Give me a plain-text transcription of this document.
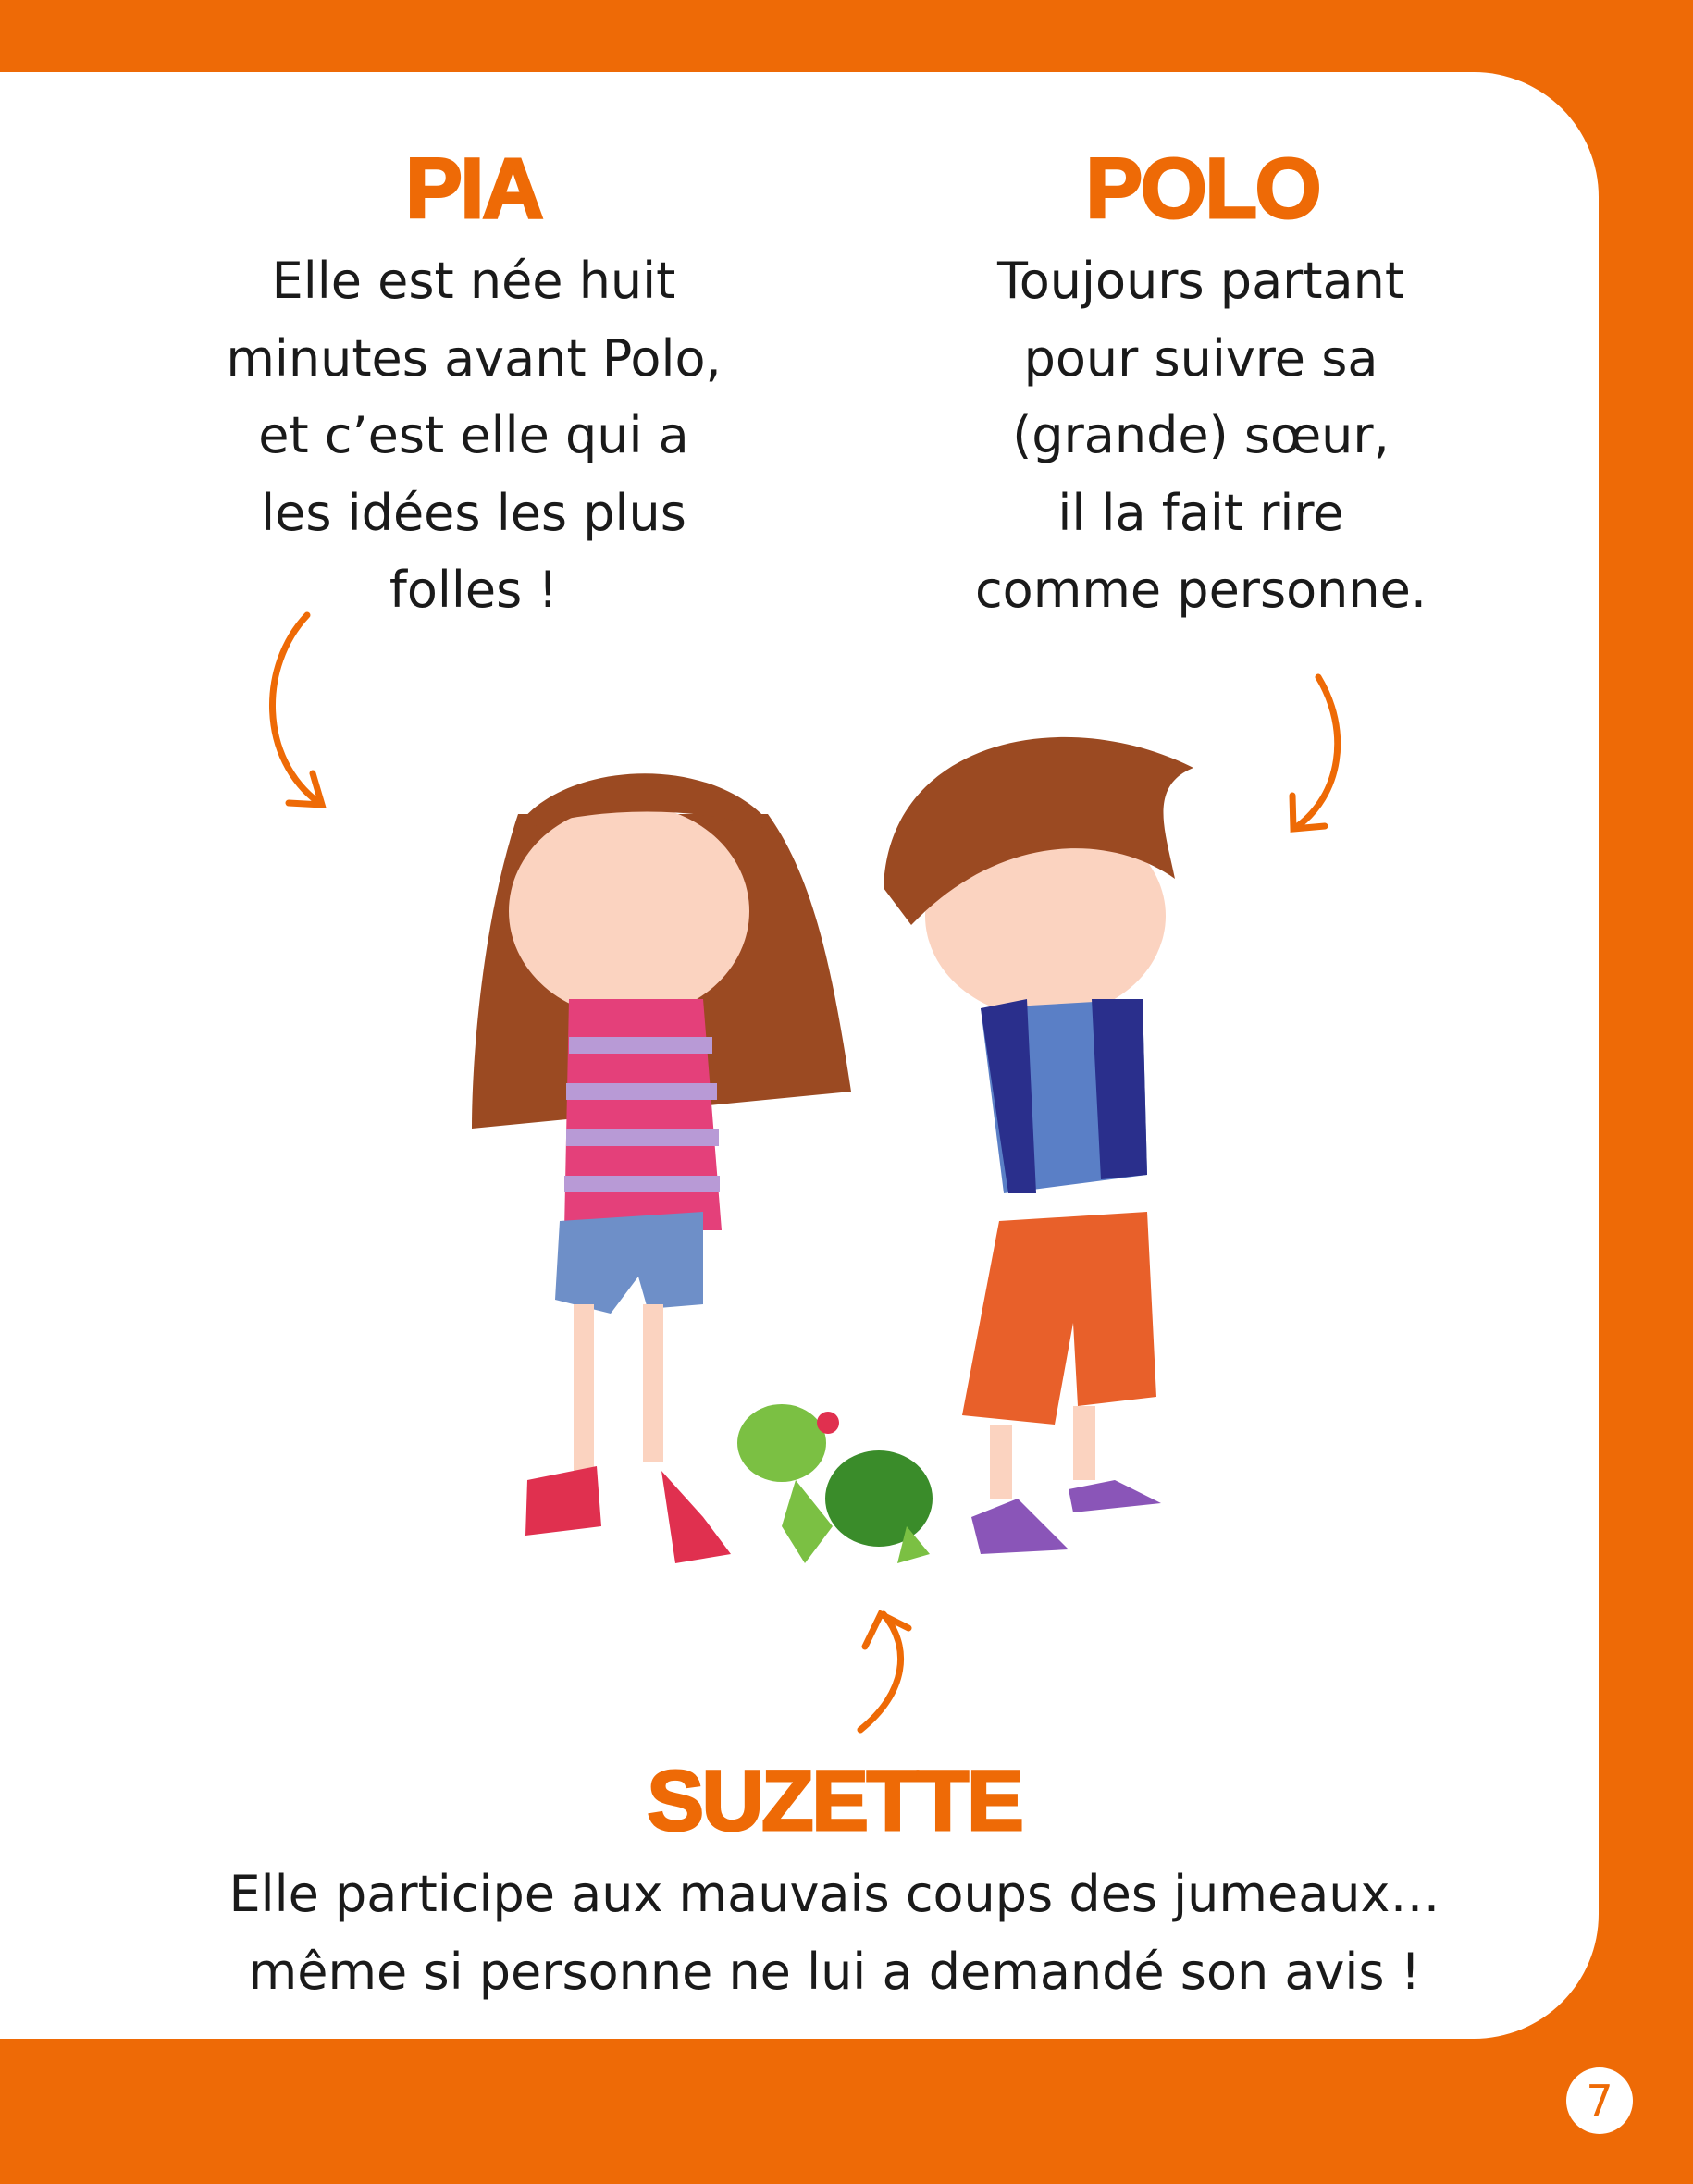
PIA
Elle est née huit
minutes avant Polo,
et c’est elle qui a
les idées les plus
folles !
POLO
Toujours partant
pour suivre sa
(grande) sœur,
il la fait rire
comme personne.
SUZETTE
Elle participe aux mauvais coups des jumeaux…
même si personne ne lui a demandé son avis !
7
